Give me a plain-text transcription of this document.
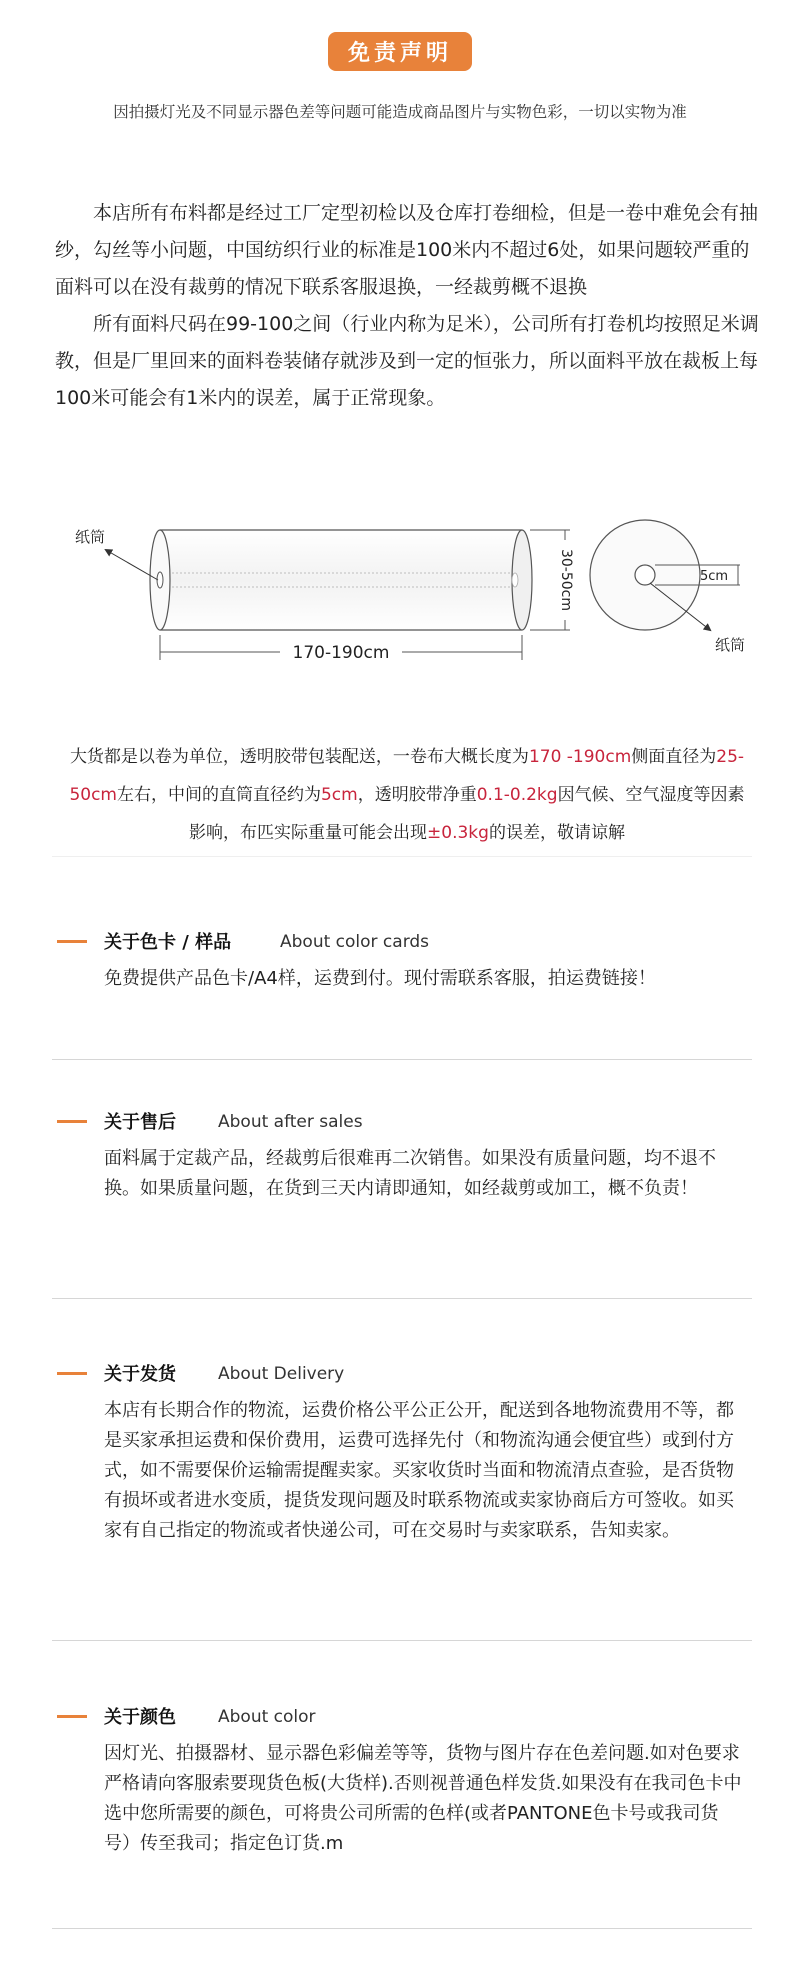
免责声明
因拍摄灯光及不同显示器色差等问题可能造成商品图片与实物色彩，一切以实物为准

本店所有布料都是经过工厂定型初检以及仓库打卷细检，但是一卷中难免会有抽纱，勾丝等小问题，中国纺织行业的标准是100米内不超过6处，如果问题较严重的面料可以在没有裁剪的情况下联系客服退换，一经裁剪概不退换

所有面料尺码在99-100之间（行业内称为足米），公司所有打卷机均按照足米调教，但是厂里回来的面料卷装储存就涉及到一定的恒张力，所以面料平放在裁板上每100米可能会有1米内的误差，属于正常现象。

纸筒
170-190cm
30-50cm	5cm
纸筒
大货都是以卷为单位，透明胶带包装配送，一卷布大概长度为170 -190cm侧面直径为25-50cm左右，中间的直筒直径约为5cm，透明胶带净重0.1-0.2kg因气候、空气湿度等因素影响，布匹实际重量可能会出现±0.3kg的误差，敬请谅解
关于色卡 / 样品	About color cards
免费提供产品色卡/A4样，运费到付。现付需联系客服，拍运费链接！
关于售后 About after sales
面料属于定裁产品，经裁剪后很难再二次销售。如果没有质量问题，均不退不换。如果质量问题，在货到三天内请即通知，如经裁剪或加工，概不负责！
关于发货 About Delivery
本店有长期合作的物流，运费价格公平公正公开，配送到各地物流费用不等，都是买家承担运费和保价费用，运费可选择先付（和物流沟通会便宜些）或到付方式，如不需要保价运输需提醒卖家。买家收货时当面和物流清点查验，是否货物有损坏或者进水变质，提货发现问题及时联系物流或卖家协商后方可签收。如买家有自己指定的物流或者快递公司，可在交易时与卖家联系，告知卖家。
关于颜色 About color
因灯光、拍摄器材、显示器色彩偏差等等，货物与图片存在色差问题.如对色要求严格请向客服索要现货色板(大货样).否则视普通色样发货.如果没有在我司色卡中选中您所需要的颜色，可将贵公司所需的色样(或者PANTONE色卡号或我司货号）传至我司；指定色订货.m
